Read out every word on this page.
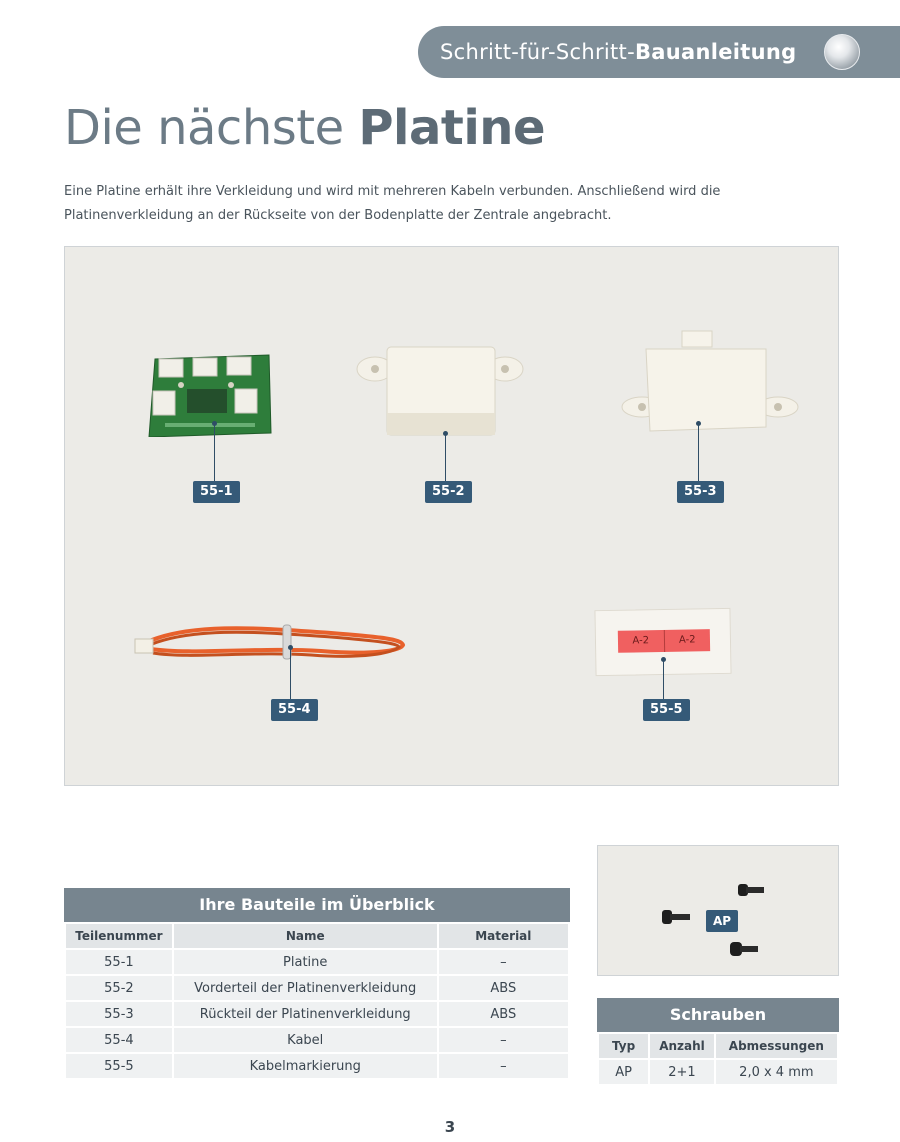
Schritt-für-Schritt- Bauanleitung
Die nächste Platine

Eine Platine erhält ihre Verkleidung und wird mit mehreren Kabeln verbunden. Anschließend wird die Platinenverkleidung an der Rückseite von der Bodenplatte der Zentrale angebracht.

55-1	55-2	55-3
55-4
A-2	A-2
55-5
Ihre Bauteile im Überblick
Teilenummer	Name	Material
55-1	Platine	–
55-2	Vorderteil der Platinenverkleidung	ABS
55-3	Rückteil der Platinenverkleidung	ABS
55-4	Kabel	–
55-5	Kabelmarkierung	–
AP
Schrauben
Typ	Anzahl	Abmessungen
AP	2+1	2,0 x 4 mm
3
